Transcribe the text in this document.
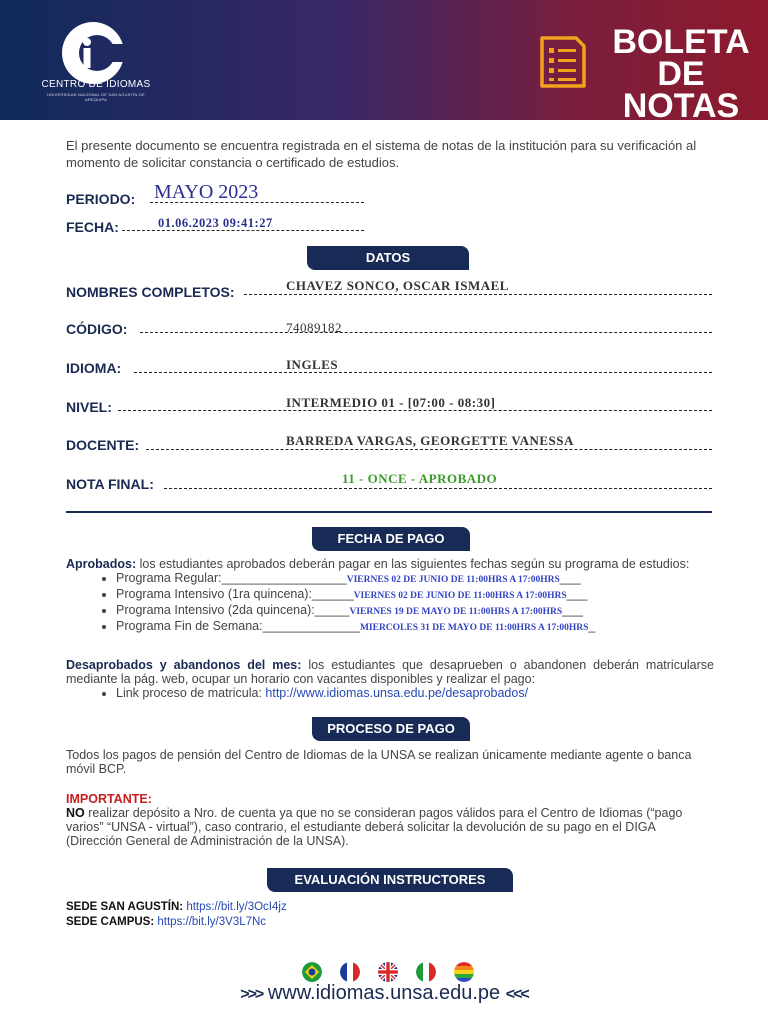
CENTRO DE IDIOMAS
UNIVERSIDAD NACIONAL DE SAN AGUSTÍN DE AREQUIPA
BOLETA
DE NOTAS
El presente documento se encuentra registrada en el sistema de notas de la institución para su verificación al momento de solicitar constancia o certificado de estudios.
PERIODO: MAYO 2023
FECHA:	01.06.2023 09:41:27
DATOS
NOMBRES COMPLETOS:	CHAVEZ SONCO, OSCAR ISMAEL
CÓDIGO:	74089182
IDIOMA:	INGLES
NIVEL:	INTERMEDIO 01 - [07:00 - 08:30]
DOCENTE:	BARREDA VARGAS, GEORGETTE VANESSA
NOTA FINAL:	11 - ONCE - APROBADO
FECHA DE PAGO
Aprobados: los estudiantes aprobados deberán pagar en las siguientes fechas según su programa de estudios:
• Programa Regular:__________________VIERNES 02 DE JUNIO DE 11:00HRS A 17:00HRS___
• Programa Intensivo (1ra quincena):______VIERNES 02 DE JUNIO DE 11:00HRS A 17:00HRS___
• Programa Intensivo (2da quincena):_____VIERNES 19 DE MAYO DE 11:00HRS A 17:00HRS___
• Programa Fin de Semana:______________MIERCOLES 31 DE MAYO DE 11:00HRS A 17:00HRS_
Desaprobados y abandonos del mes: los estudiantes que desaprueben o abandonen deberán matricularse mediante la pág. web, ocupar un horario con vacantes disponibles y realizar el pago:
• Link proceso de matricula: http://www.idiomas.unsa.edu.pe/desaprobados/
PROCESO DE PAGO
Todos los pagos de pensión del Centro de Idiomas de la UNSA se realizan únicamente mediante agente o banca móvil BCP.
IMPORTANTE:
NO realizar depósito a Nro. de cuenta ya que no se consideran pagos válidos para el Centro de Idiomas (“pago varios” “UNSA - virtual”), caso contrario, el estudiante deberá solicitar la devolución de su pago en el DIGA (Dirección General de Administración de la UNSA).
EVALUACIÓN INSTRUCTORES
SEDE SAN AGUSTÍN: https://bit.ly/3OcI4jz
SEDE CAMPUS: https://bit.ly/3V3L7Nc
>>> www.idiomas.unsa.edu.pe <<<
